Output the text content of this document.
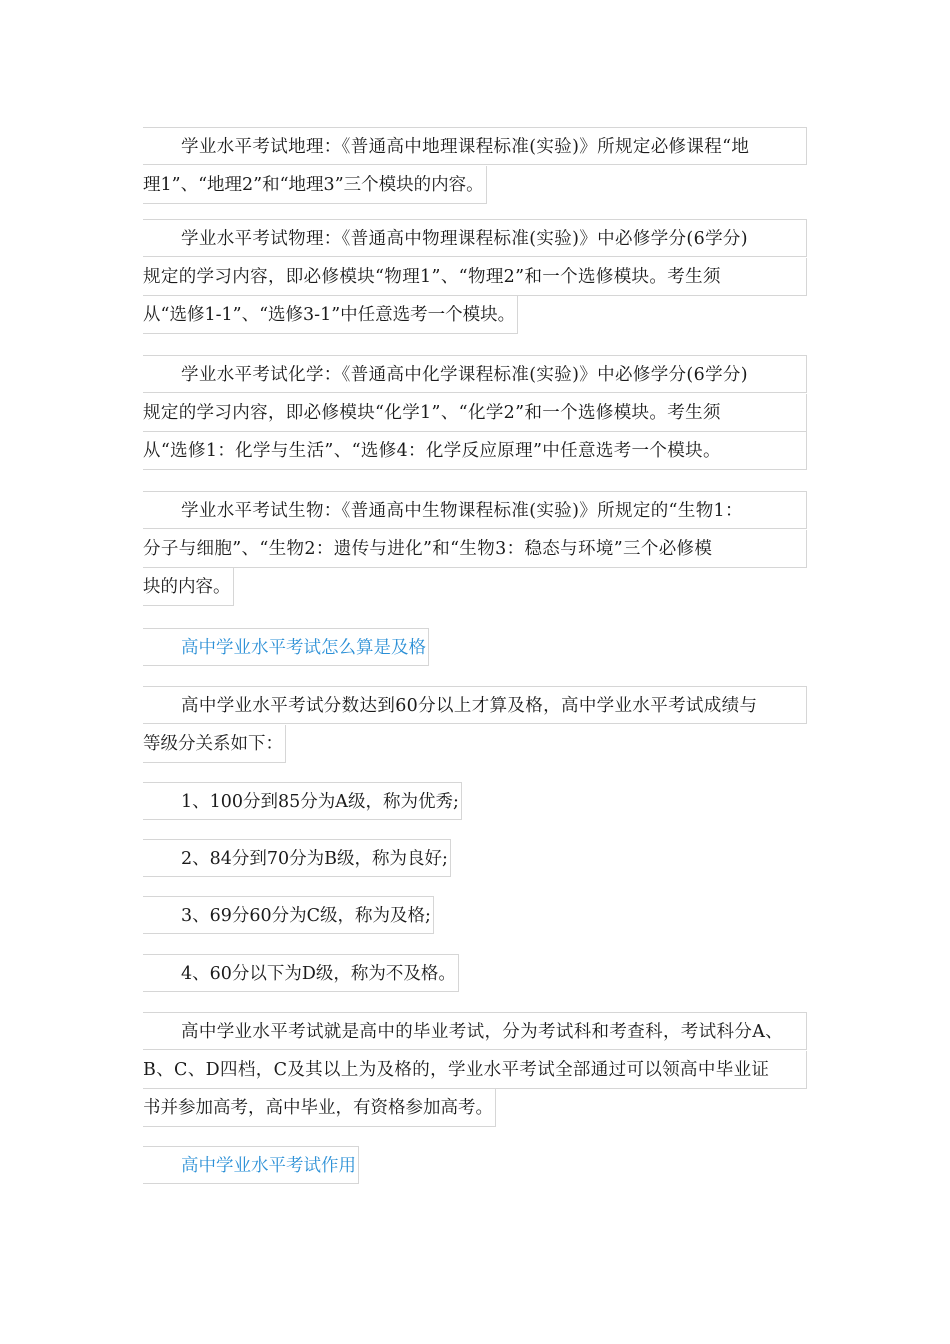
学业水平考试地理：《普通高中地理课程标准(实验)》所规定必修课程“地
理1”、“地理2”和“地理3”三个模块的内容。
学业水平考试物理：《普通高中物理课程标准(实验)》中必修学分(6学分)
规定的学习内容，即必修模块“物理1”、“物理2”和一个选修模块。考生须
从“选修1-1”、“选修3-1”中任意选考一个模块。
学业水平考试化学：《普通高中化学课程标准(实验)》中必修学分(6学分)
规定的学习内容，即必修模块“化学1”、“化学2”和一个选修模块。考生须
从“选修1：化学与生活”、“选修4：化学反应原理”中任意选考一个模块。
学业水平考试生物：《普通高中生物课程标准(实验)》所规定的“生物1：
分子与细胞”、“生物2：遗传与进化”和“生物3：稳态与环境”三个必修模
块的内容。
高中学业水平考试怎么算是及格
高中学业水平考试分数达到60分以上才算及格，高中学业水平考试成绩与
等级分关系如下：
1、100分到85分为A级，称为优秀;
2、84分到70分为B级，称为良好;
3、69分60分为C级，称为及格;
4、60分以下为D级，称为不及格。
高中学业水平考试就是高中的毕业考试，分为考试科和考查科，考试科分A、
B、C、D四档，C及其以上为及格的，学业水平考试全部通过可以领高中毕业证
书并参加高考，高中毕业，有资格参加高考。
高中学业水平考试作用
